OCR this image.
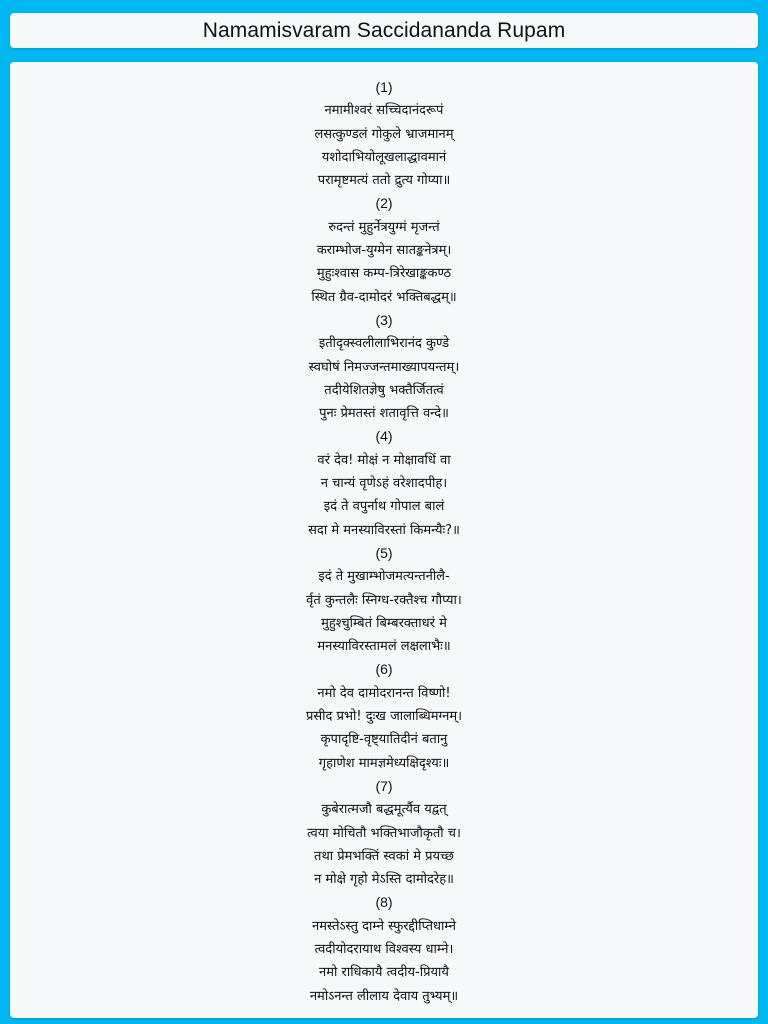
Namamisvaram Saccidananda Rupam
(1)
नमामीश्वरं सच्चिदानंदरूपं
लसत्कुण्डलं गोकुले भ्राजमानम्
यशोदाभियोलूखलाद्धावमानं
परामृष्टमत्यं ततो द्रुत्य गोप्या॥
(2)
रुदन्तं मुहुर्नेत्रयुग्मं मृजन्तं
कराम्भोज-युग्मेन सातङ्कनेत्रम्।
मुहुःश्वास कम्प-त्रिरेखाङ्ककण्ठ
स्थित ग्रैव-दामोदरं भक्तिबद्धम्॥
(3)
इतीदृक्स्वलीलाभिरानंद कुण्डे
स्वघोषं निमज्जन्तमाख्यापयन्तम्।
तदीयेशितज्ञेषु भक्तैर्जितत्वं
पुनः प्रेमतस्तं शतावृत्ति वन्दे॥
(4)
वरं देव! मोक्षं न मोक्षावधिं वा
न चान्यं वृणेऽहं वरेशादपीह।
इदं ते वपुर्नाथ गोपाल बालं
सदा मे मनस्याविरस्तां किमन्यैः?॥
(5)
इदं ते मुखाम्भोजमत्यन्तनीलै-
र्वृतं कुन्तलैः स्निग्ध-रक्तैश्च गौप्या।
मुहुश्चुम्बितं बिम्बरक्ताधरं मे
मनस्याविरस्तामलं लक्षलाभैः॥
(6)
नमो देव दामोदरानन्त विष्णो!
प्रसीद प्रभो! दुःख जालाब्धिमग्नम्।
कृपादृष्टि-वृष्ट्यातिदीनं बतानु
गृहाणेश मामज्ञमेध्यक्षिदृश्यः॥
(7)
कुबेरात्मजौ बद्धमूर्त्यैव यद्वत्
त्वया मोचितौ भक्तिभाजौकृतौ च।
तथा प्रेमभक्तिं स्वकां मे प्रयच्छ
न मोक्षे गृहो मेऽस्ति दामोदरेह॥
(8)
नमस्तेऽस्तु दाम्ने स्फुरद्दीप्तिधाम्ने
त्वदीयोदरायाथ विश्वस्य धाम्ने।
नमो राधिकायै त्वदीय-प्रियायै
नमोऽनन्त लीलाय देवाय तुभ्यम्॥
